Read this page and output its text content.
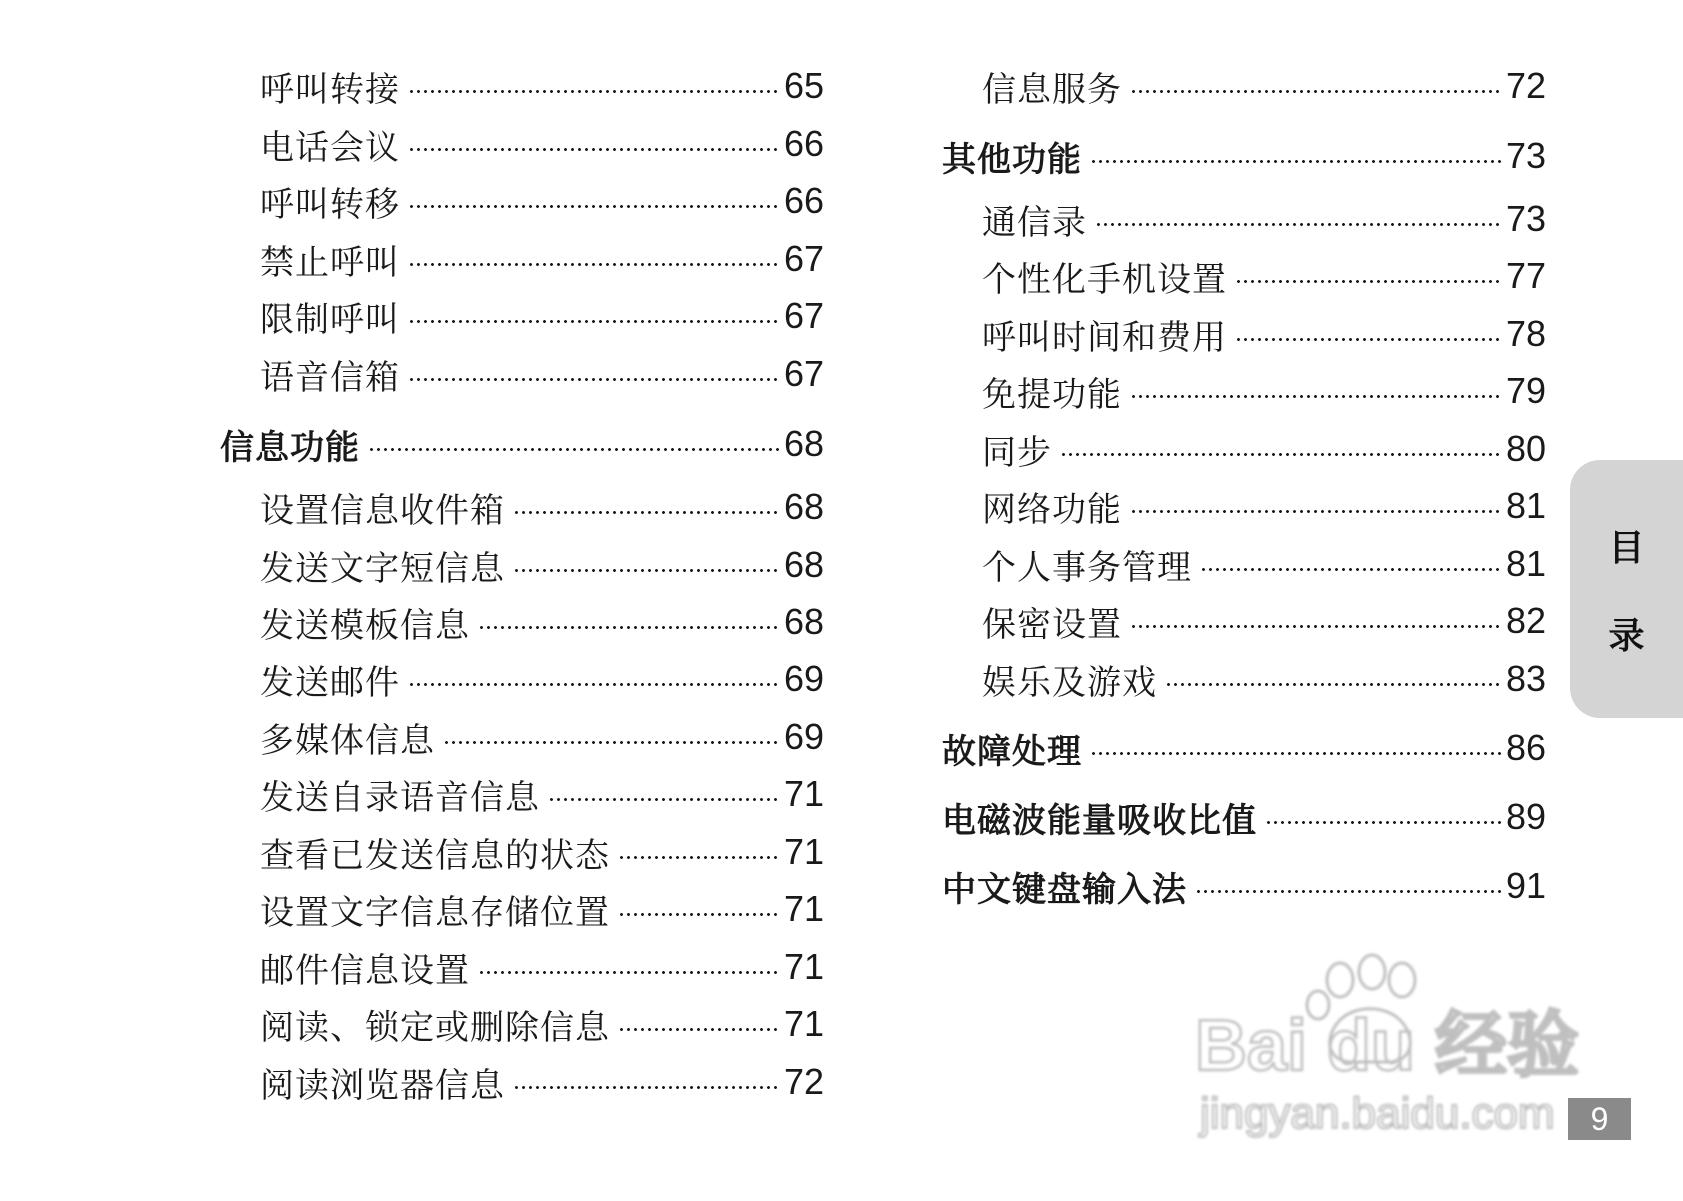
呼叫转接	65
电话会议	66
呼叫转移	66
禁止呼叫	67
限制呼叫	67
语音信箱	67
信息功能	68
设置信息收件箱	68
发送文字短信息	68
发送模板信息	68
发送邮件	69
多媒体信息	69
发送自录语音信息	71
查看已发送信息的状态	71
设置文字信息存储位置	71
邮件信息设置	71
阅读、锁定或删除信息	71
阅读浏览器信息	72
信息服务	72
其他功能	73
通信录	73
个性化手机设置	77
呼叫时间和费用	78
免提功能	79
同步	80
网络功能	81
个人事务管理	81
保密设置	82
娱乐及游戏	83
故障处理	86
电磁波能量吸收比值	89
中文键盘输入法	91
目
录
9
Bai du 经验
jingyan.baidu.com
